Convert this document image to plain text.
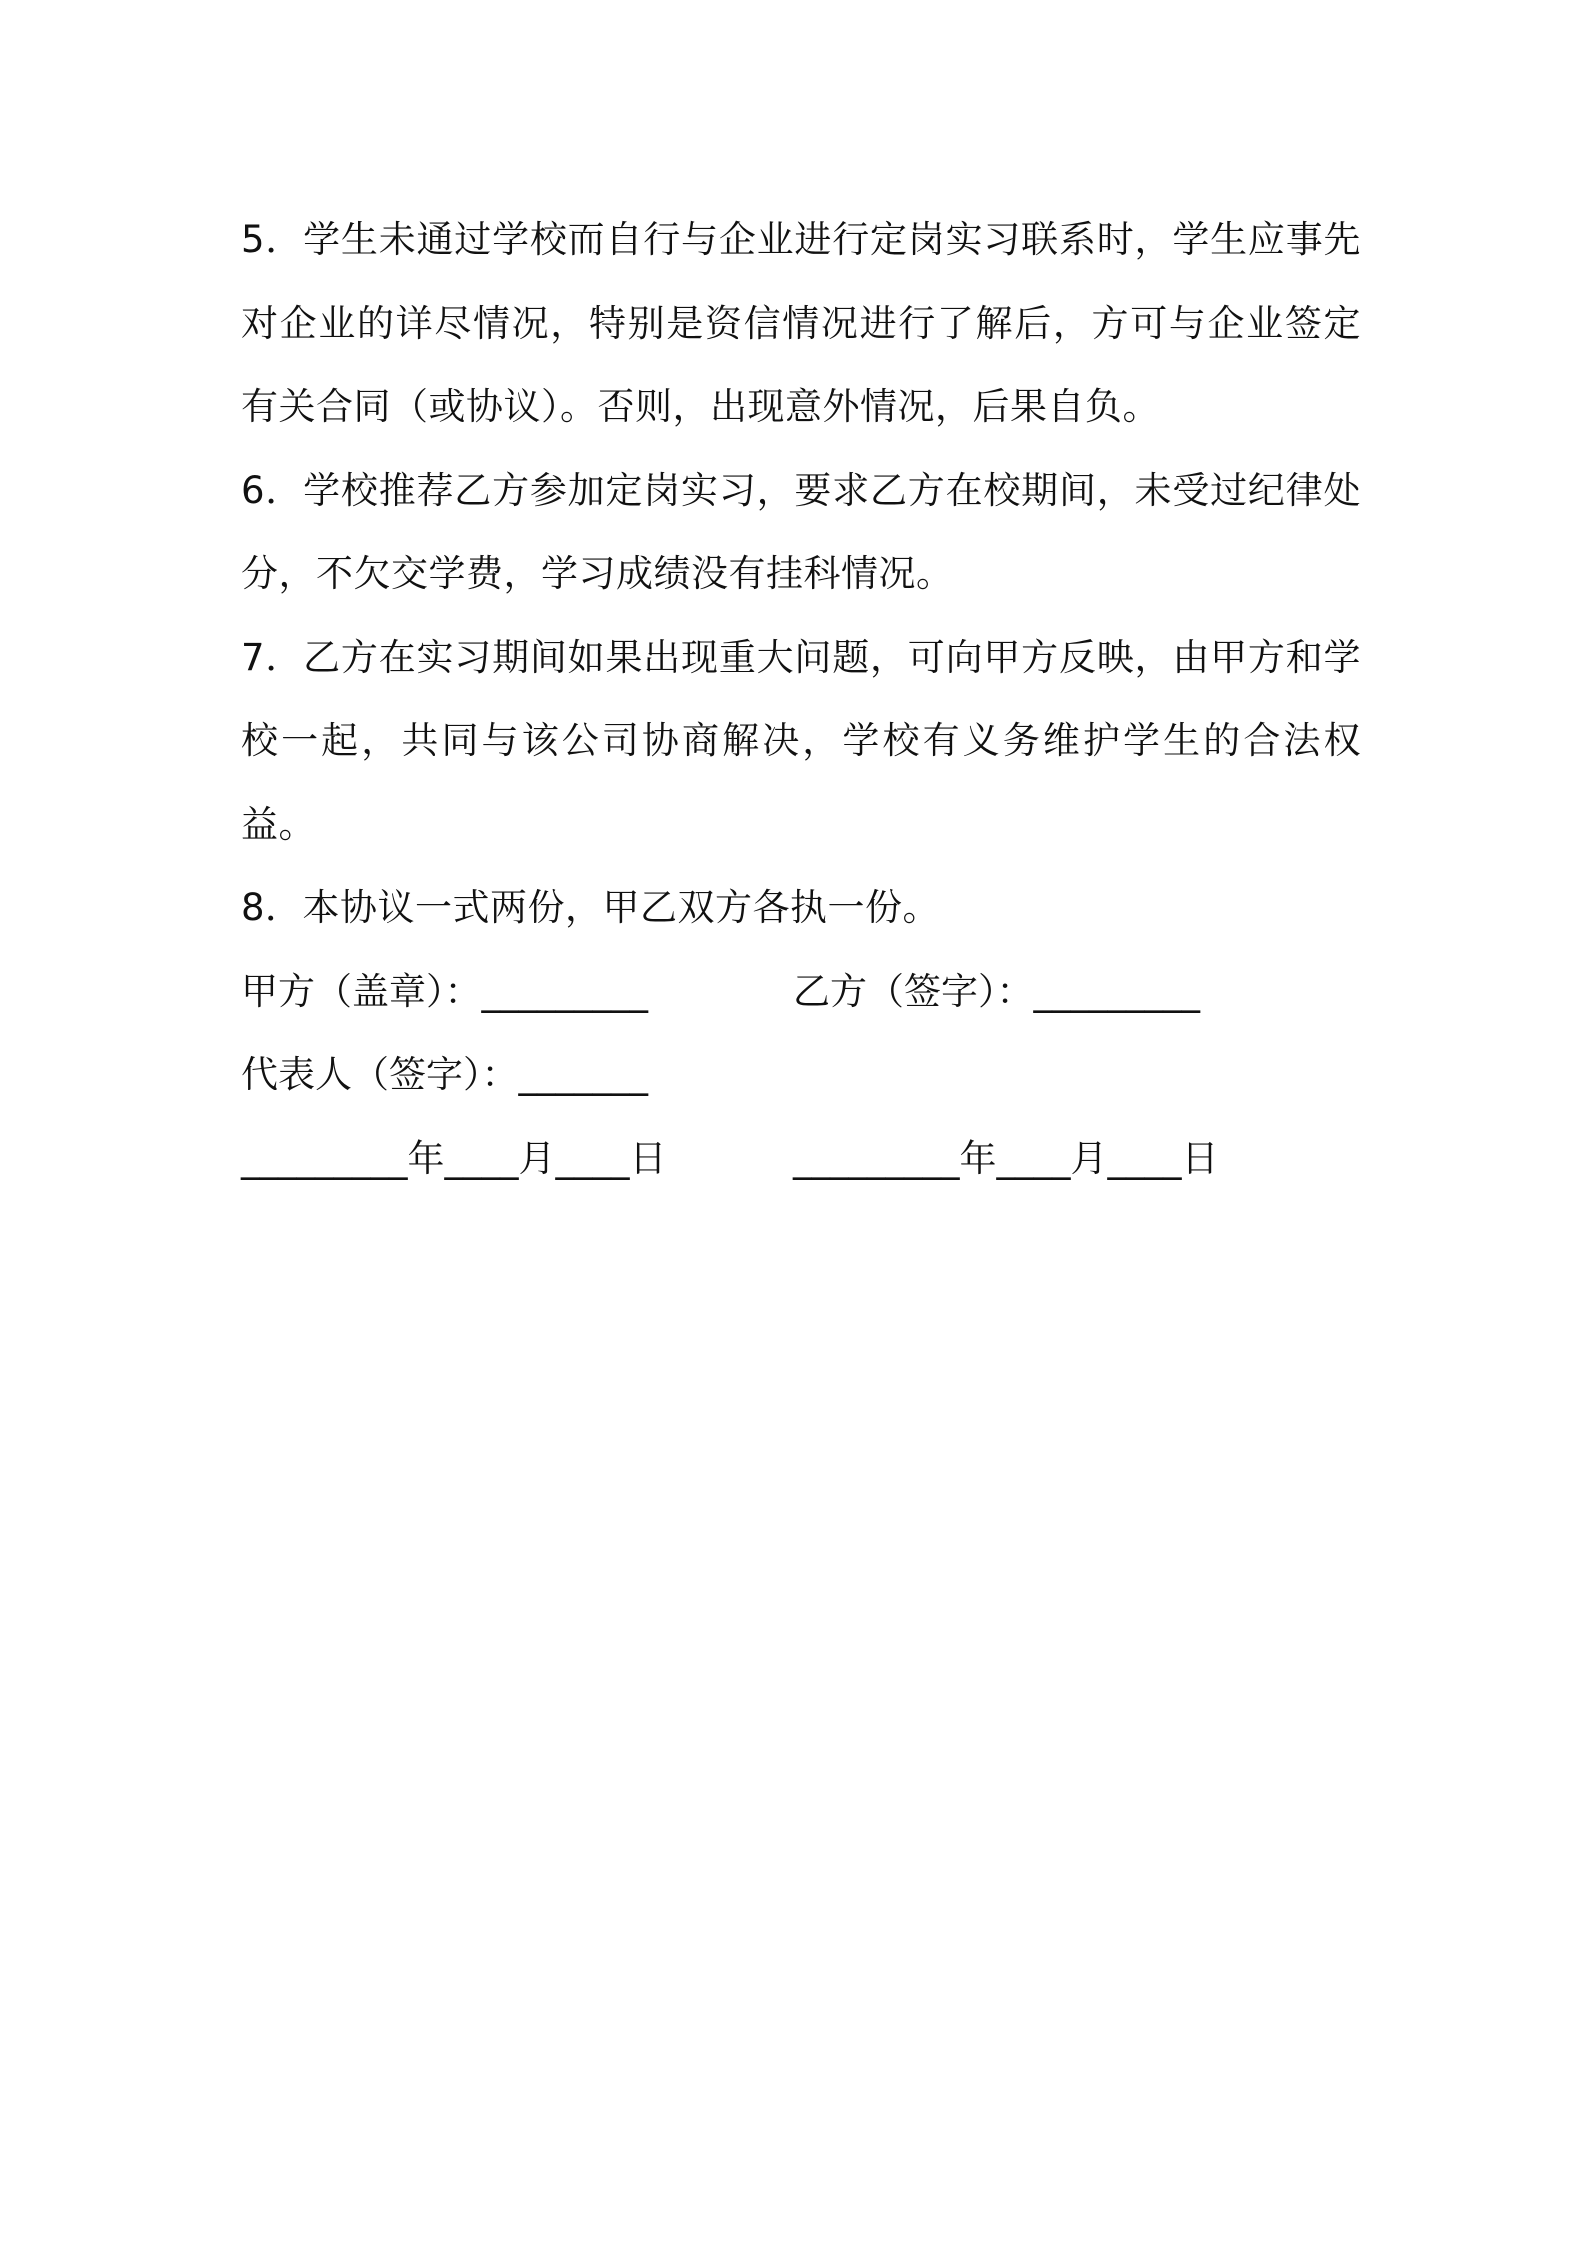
5．学生未通过学校而自行与企业进行定岗实习联系时，学生应事先对企业的详尽情况，特别是资信情况进行了解后，方可与企业签定有关合同（或协议）。否则，出现意外情况，后果自负。

6．学校推荐乙方参加定岗实习，要求乙方在校期间，未受过纪律处分，不欠交学费，学习成绩没有挂科情况。

7．乙方在实习期间如果出现重大问题，可向甲方反映，由甲方和学校一起，共同与该公司协商解决，学校有义务维护学生的合法权益。

8．本协议一式两份，甲乙双方各执一份。

甲方（盖章）：_________	乙方（签字）：_________
代表人（签字）：_______
_________年____月____日	_________年____月____日
